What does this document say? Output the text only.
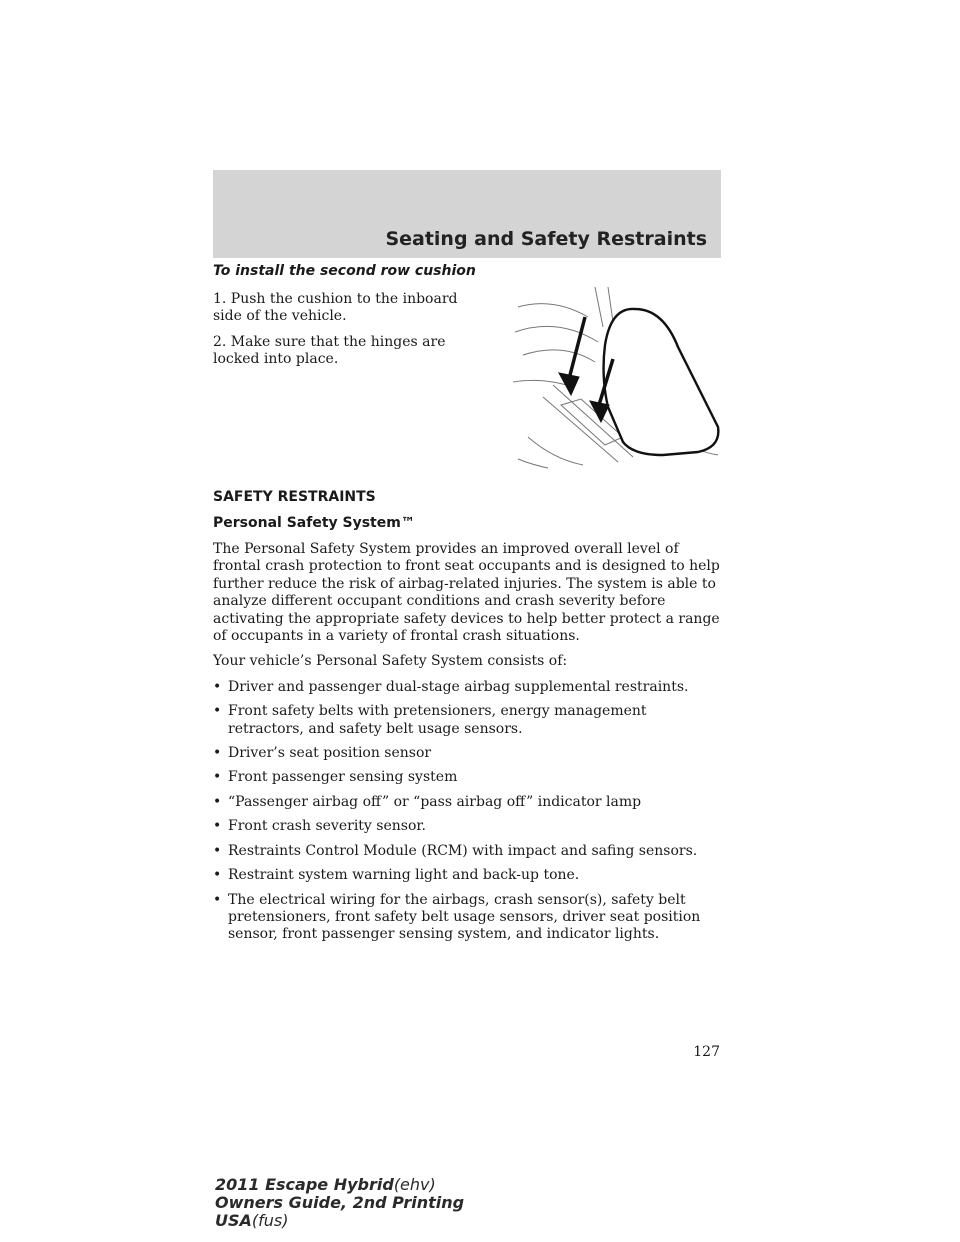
Seating and Safety Restraints
To install the second row cushion

1. Push the cushion to the inboard side of the vehicle.

2. Make sure that the hinges are locked into place.

SAFETY RESTRAINTS
Personal Safety System™

The Personal Safety System provides an improved overall level of frontal crash protection to front seat occupants and is designed to help further reduce the risk of airbag-related injuries. The system is able to analyze different occupant conditions and crash severity before activating the appropriate safety devices to help better protect a range of occupants in a variety of frontal crash situations.

Your vehicle’s Personal Safety System consists of:

• Driver and passenger dual-stage airbag supplemental restraints.
• Front safety belts with pretensioners, energy management retractors, and safety belt usage sensors.
• Driver’s seat position sensor
• Front passenger sensing system
• “Passenger airbag off” or “pass airbag off” indicator lamp
• Front crash severity sensor.
• Restraints Control Module (RCM) with impact and safing sensors.
• Restraint system warning light and back-up tone.
• The electrical wiring for the airbags, crash sensor(s), safety belt pretensioners, front safety belt usage sensors, driver seat position sensor, front passenger sensing system, and indicator lights.
127
2011 Escape Hybrid(ehv)
Owners Guide, 2nd Printing
USA(fus)
